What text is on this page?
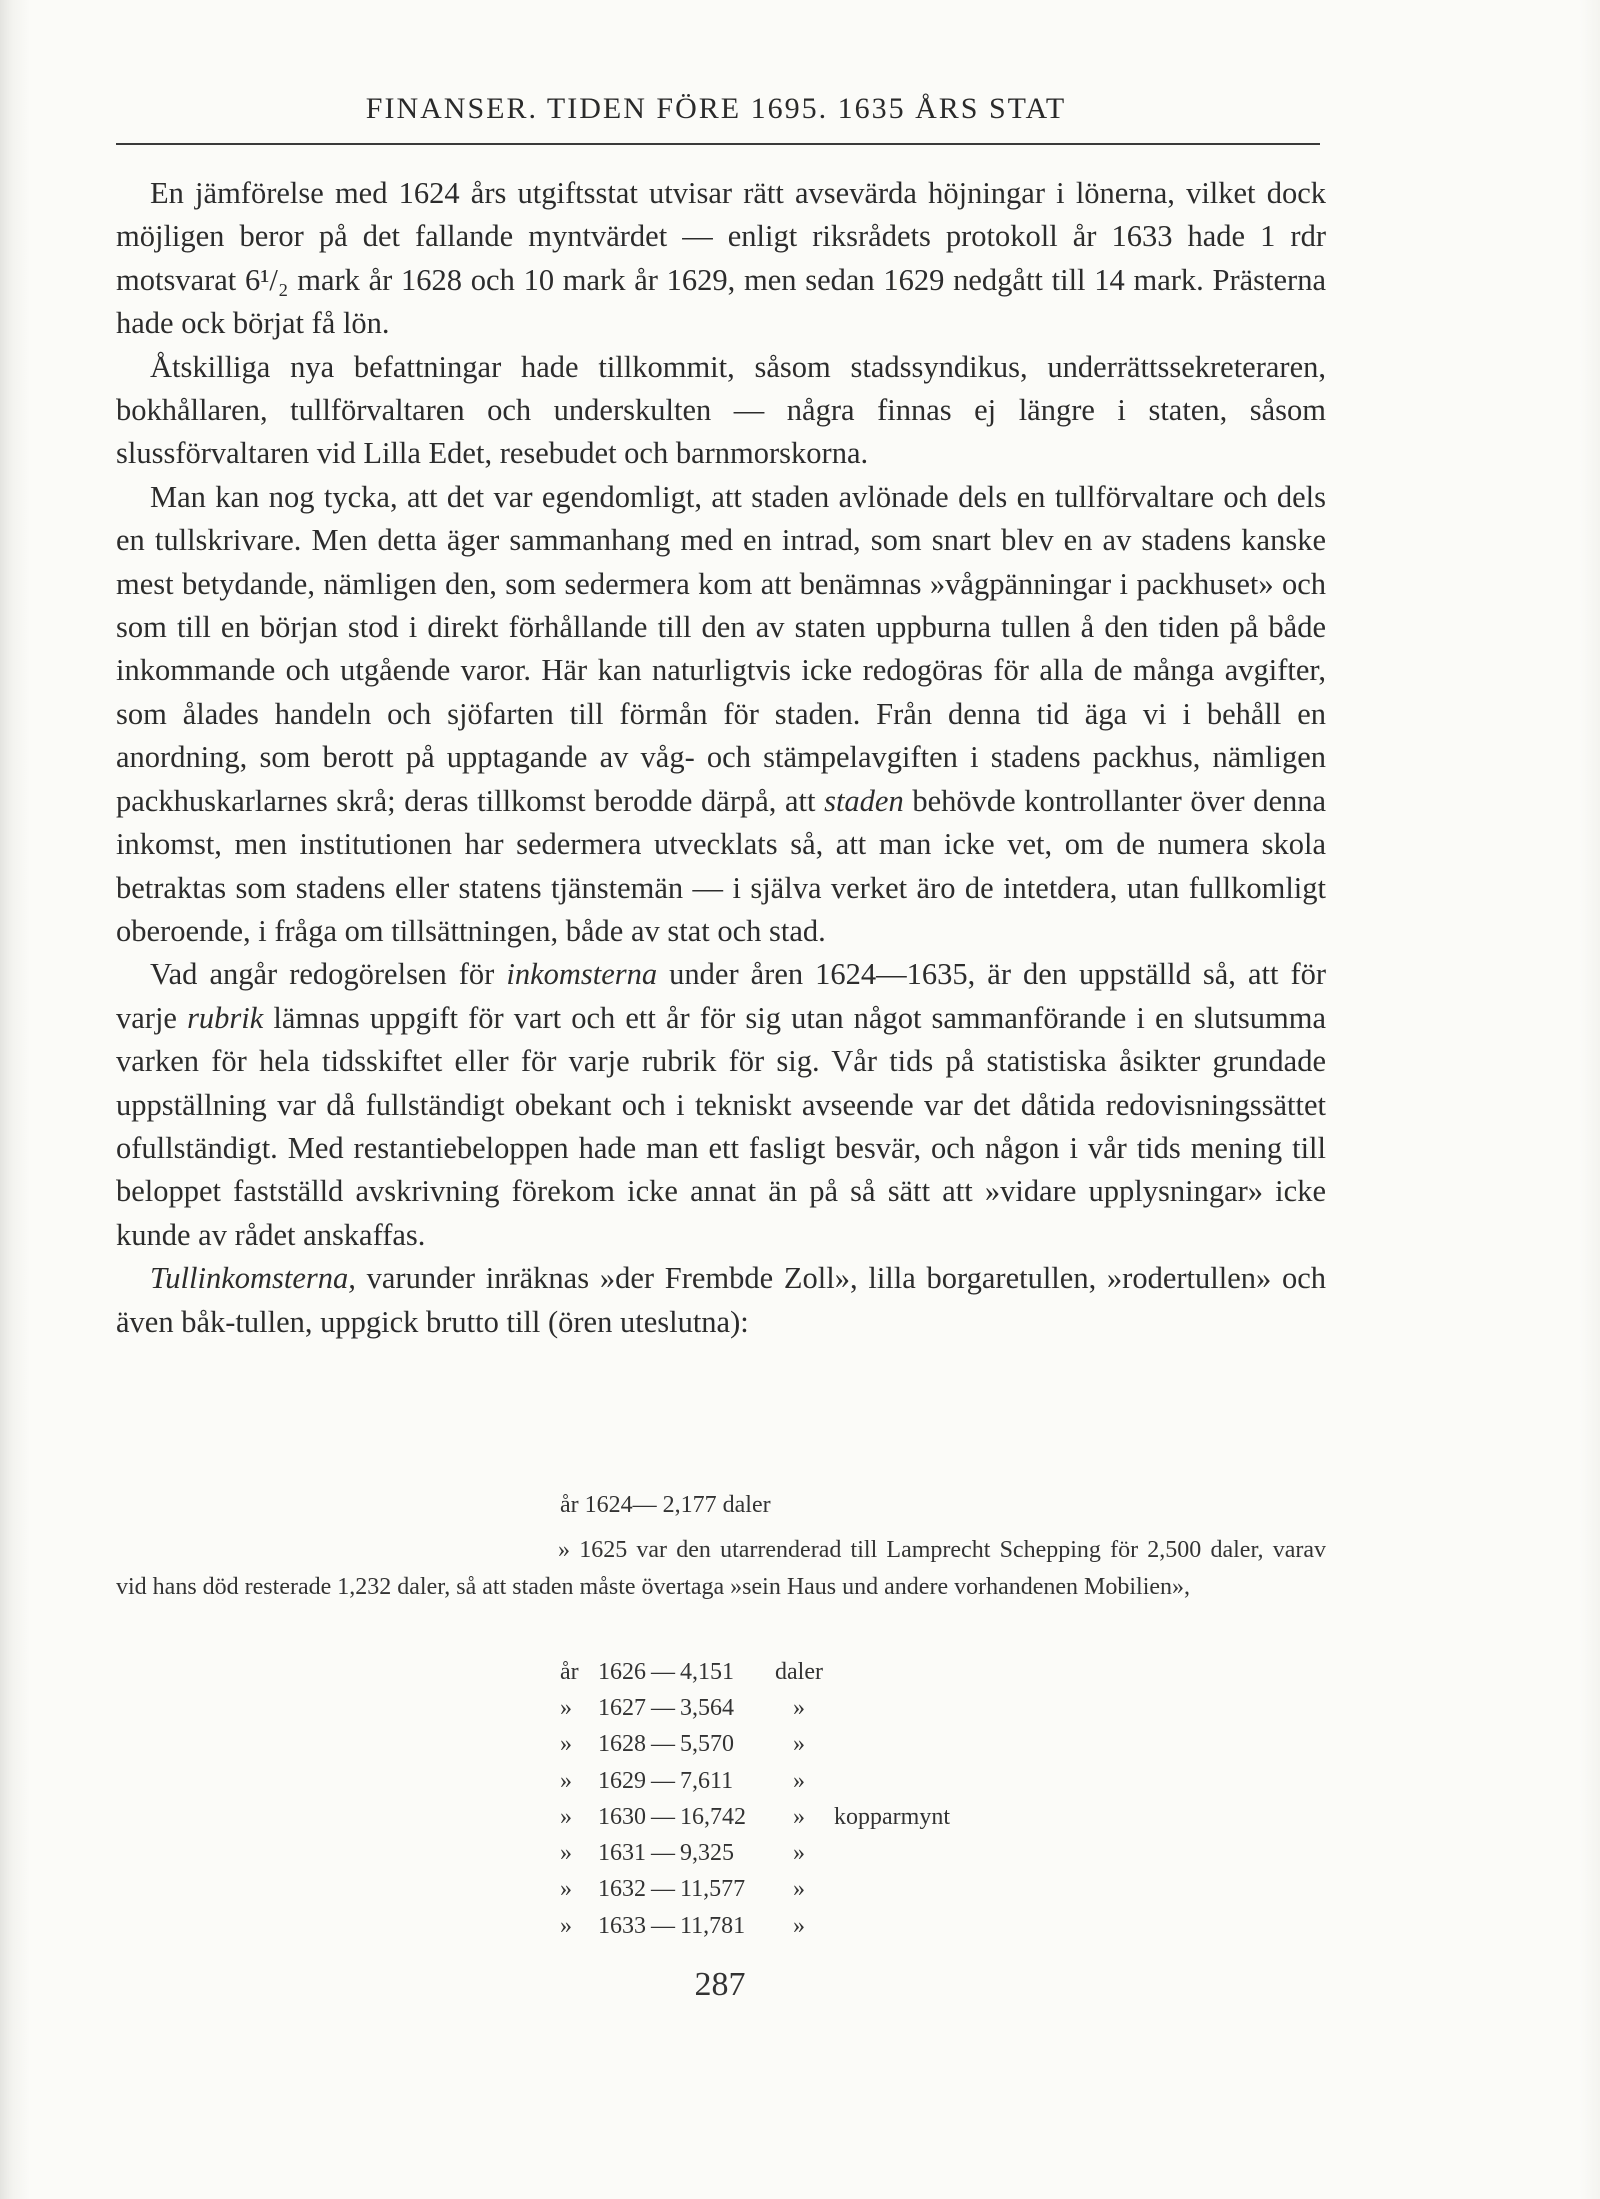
FINANSER. TIDEN FÖRE 1695. 1635 ÅRS STAT

En jämförelse med 1624 års utgiftsstat utvisar rätt avsevärda höjningar i lönerna, vilket dock möjligen beror på det fallande myntvärdet — enligt riksrådets protokoll år 1633 hade 1 rdr motsvarat 6¹/₂ mark år 1628 och 10 mark år 1629, men sedan 1629 nedgått till 14 mark. Prästerna hade ock börjat få lön.

Åtskilliga nya befattningar hade tillkommit, såsom stadssyndikus, underrättssekreteraren, bokhållaren, tullförvaltaren och underskulten — några finnas ej längre i staten, såsom slussförvaltaren vid Lilla Edet, resebudet och barnmorskorna.

Man kan nog tycka, att det var egendomligt, att staden avlönade dels en tullförvaltare och dels en tullskrivare. Men detta äger sammanhang med en intrad, som snart blev en av stadens kanske mest betydande, nämligen den, som sedermera kom att benämnas »vågpänningar i packhuset» och som till en början stod i direkt förhållande till den av staten uppburna tullen å den tiden på både inkommande och utgående varor. Här kan naturligtvis icke redogöras för alla de många avgifter, som ålades handeln och sjöfarten till förmån för staden. Från denna tid äga vi i behåll en anordning, som berott på upptagande av våg- och stämpelavgiften i stadens packhus, nämligen packhuskarlarnes skrå; deras tillkomst berodde därpå, att staden behövde kontrollanter över denna inkomst, men institutionen har sedermera utvecklats så, att man icke vet, om de numera skola betraktas som stadens eller statens tjänstemän — i själva verket äro de intetdera, utan fullkomligt oberoende, i fråga om tillsättningen, både av stat och stad.

Vad angår redogörelsen för inkomsterna under åren 1624—1635, är den uppställd så, att för varje rubrik lämnas uppgift för vart och ett år för sig utan något sammanförande i en slutsumma varken för hela tidsskiftet eller för varje rubrik för sig. Vår tids på statistiska åsikter grundade uppställning var då fullständigt obekant och i tekniskt avseende var det dåtida redovisningssättet ofullständigt. Med restantiebeloppen hade man ett fasligt besvär, och någon i vår tids mening till beloppet fastställd avskrivning förekom icke annat än på så sätt att »vidare upplysningar» icke kunde av rådet anskaffas.

Tullinkomsterna, varunder inräknas »der Frembde Zoll», lilla borgaretullen, »rodertullen» och även båk-tullen, uppgick brutto till (ören uteslutna):

år 1624— 2,177 daler

» 1625 var den utarrenderad till Lamprecht Schepping för 2,500 daler, varav vid hans död resterade 1,232 daler, så att staden måste övertaga »sein Haus und andere vorhandenen Mobilien»,

år	1626	—	4,151	daler	
»	1627	—	3,564	»	
»	1628	—	5,570	»	
»	1629	—	7,611	»	
»	1630	—	16,742	»	kopparmynt
»	1631	—	9,325	»	
»	1632	—	11,577	»	
»	1633	—	11,781	»	
287
